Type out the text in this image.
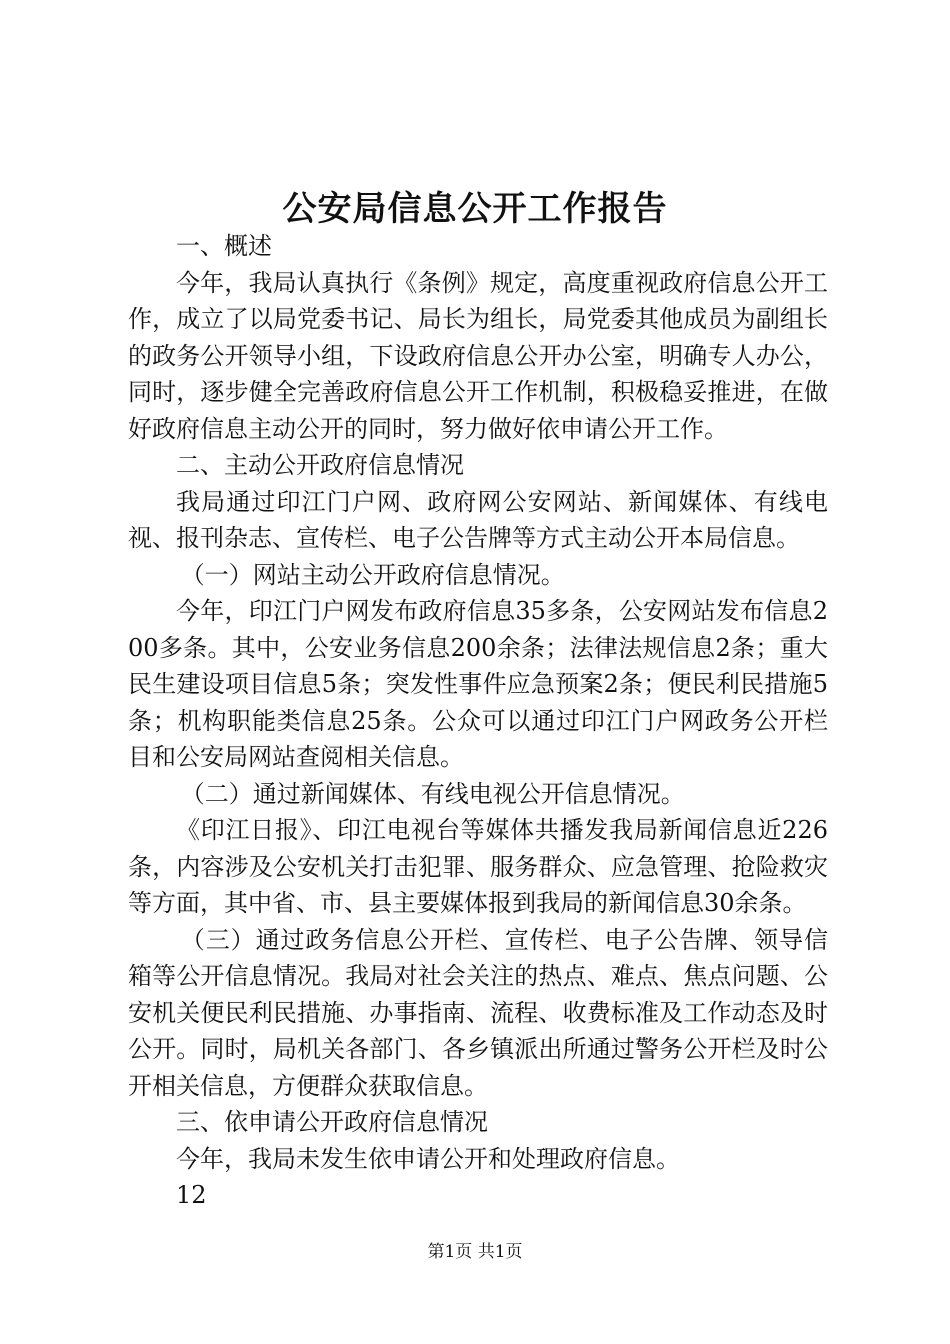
公安局信息公开工作报告

一、概述

今年，我局认真执行《条例》规定，高度重视政府信息公开工作，成立了以局党委书记、局长为组长，局党委其他成员为副组长的政务公开领导小组，下设政府信息公开办公室，明确专人办公，同时，逐步健全完善政府信息公开工作机制，积极稳妥推进，在做好政府信息主动公开的同时，努力做好依申请公开工作。

二、主动公开政府信息情况

我局通过印江门户网、政府网公安网站、新闻媒体、有线电视、报刊杂志、宣传栏、电子公告牌等方式主动公开本局信息。

（一）网站主动公开政府信息情况。

今年，印江门户网发布政府信息35多条，公安网站发布信息200多条。其中，公安业务信息200余条；法律法规信息2条；重大民生建设项目信息5条；突发性事件应急预案2条；便民利民措施5条；机构职能类信息25条。公众可以通过印江门户网政务公开栏目和公安局网站查阅相关信息。

（二）通过新闻媒体、有线电视公开信息情况。

《印江日报》、印江电视台等媒体共播发我局新闻信息近226条，内容涉及公安机关打击犯罪、服务群众、应急管理、抢险救灾等方面，其中省、市、县主要媒体报到我局的新闻信息30余条。

（三）通过政务信息公开栏、宣传栏、电子公告牌、领导信箱等公开信息情况。我局对社会关注的热点、难点、焦点问题、公安机关便民利民措施、办事指南、流程、收费标准及工作动态及时公开。同时，局机关各部门、各乡镇派出所通过警务公开栏及时公开相关信息，方便群众获取信息。

三、依申请公开政府信息情况

今年，我局未发生依申请公开和处理政府信息。

12

第1页 共1页
